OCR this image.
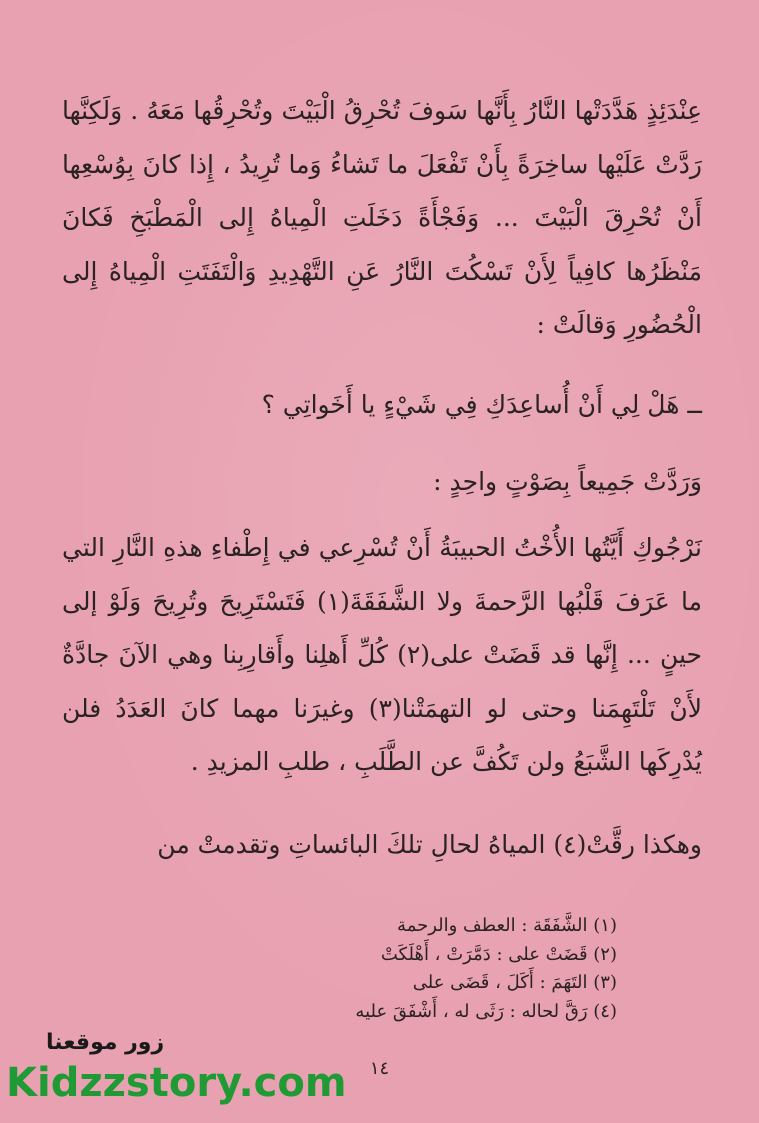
عِنْدَئِذٍ هَدَّدَتْها النَّارُ بِأَنَّها سَوفَ تُحْرِقُ الْبَيْتَ وتُحْرِقُها مَعَهُ . وَلَكِنَّها رَدَّتْ عَلَيْها ساخِرَةً بِأَنْ تَفْعَلَ ما تَشاءُ وَما تُرِيدُ ، إِذا كانَ بِوُسْعِها أَنْ تُحْرِقَ الْبَيْتَ ... وَفَجْأَةً دَخَلَتِ الْمِياهُ إِلى الْمَطْبَخِ فَكانَ مَنْظَرُها كافِياً لِأَنْ تَسْكُتَ النَّارُ عَنِ التَّهْدِيدِ وَالْتَفَتَتِ الْمِياهُ إِلى الْحُضُورِ وَقالَتْ :
ــ هَلْ لِي أَنْ أُساعِدَكِ فِي شَيْءٍ يا أَخَواتِي ؟
وَرَدَّتْ جَمِيعاً بِصَوْتٍ واحِدٍ :
نَرْجُوكِ أَيَّتُها الأُخْتُ الحبيبَةُ أَنْ تُسْرِعي في إِطْفاءِ هذهِ النَّارِ التي ما عَرَفَ قَلْبُها الرَّحمةَ ولا الشَّفَقَةَ(١) فَتَسْتَرِيحَ وتُرِيحَ وَلَوْ إلى حينٍ ... إِنَّها قد قَضَتْ على(٢) كُلِّ أَهلِنا وأَقارِبِنا وهي الآنَ جادَّةٌ لأَنْ تَلْتَهِمَنا وحتى لو التهمَتْنا(٣) وغيرَنا مهما كانَ العَدَدُ فلن يُدْرِكَها الشَّبَعُ ولن تَكُفَّ عن الطَّلَبِ ، طلبِ المزيدِ .
وهكذا رقَّتْ(٤) المياهُ لحالِ تلكَ البائساتِ وتقدمتْ من
(١) الشَّفَقَة : العطف والرحمة
(٢) قَضَتْ على : دَمَّرَتْ ، أَهْلَكَتْ
(٣) التَهَمَ : أَكَلَ ، قَضَى على
(٤) رَقَّ لحاله : رَثَى له ، أَشْفَقَ عليه
١٤
زور موقعنا
Kidzzstory.com
